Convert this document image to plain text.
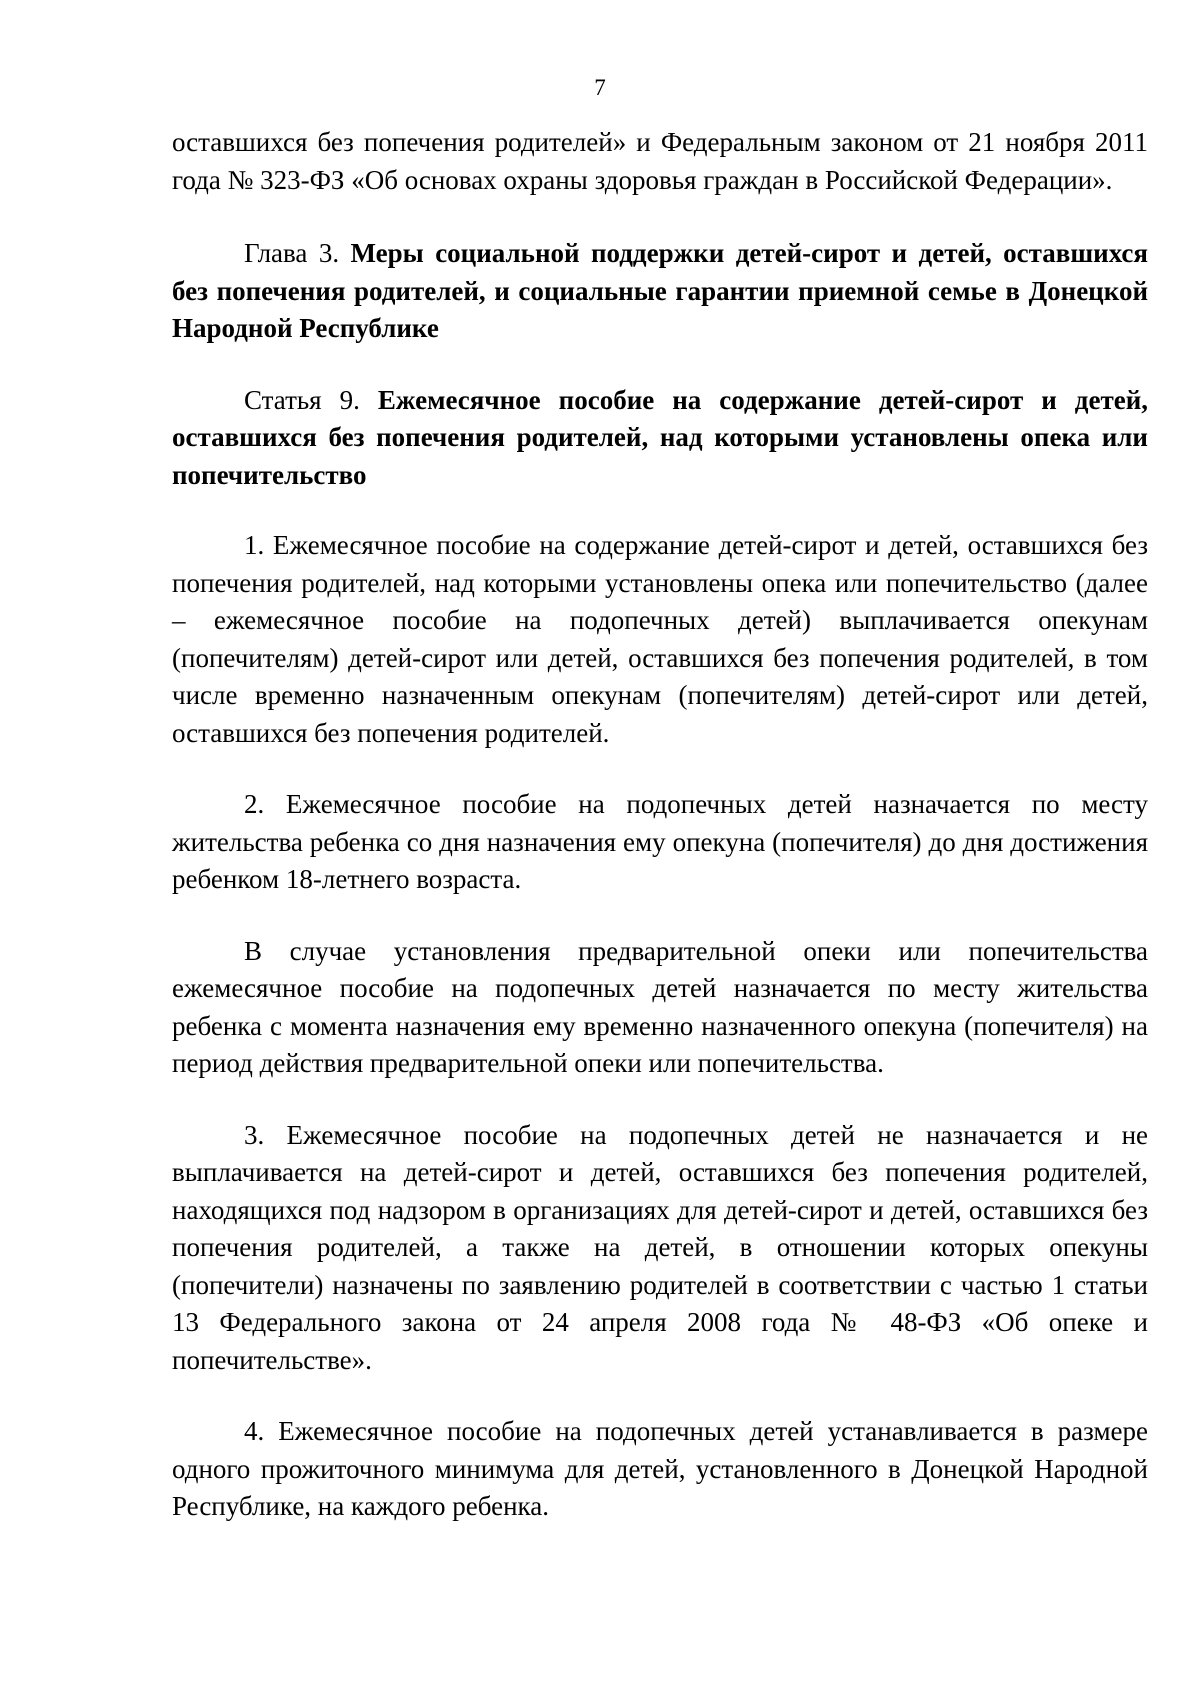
7

оставшихся без попечения родителей» и Федеральным законом от 21 ноября 2011 года № 323-ФЗ «Об основах охраны здоровья граждан в Российской Федерации».

Глава 3. Меры социальной поддержки детей-сирот и детей, оставшихся без попечения родителей, и социальные гарантии приемной семье в Донецкой Народной Республике

Статья 9. Ежемесячное пособие на содержание детей-сирот и детей, оставшихся без попечения родителей, над которыми установлены опека или попечительство

1. Ежемесячное пособие на содержание детей-сирот и детей, оставшихся без попечения родителей, над которыми установлены опека или попечительство (далее – ежемесячное пособие на подопечных детей) выплачивается опекунам (попечителям) детей-сирот или детей, оставшихся без попечения родителей, в том числе временно назначенным опекунам (попечителям) детей-сирот или детей, оставшихся без попечения родителей.

2. Ежемесячное пособие на подопечных детей назначается по месту жительства ребенка со дня назначения ему опекуна (попечителя) до дня достижения ребенком 18-летнего возраста.

В случае установления предварительной опеки или попечительства ежемесячное пособие на подопечных детей назначается по месту жительства ребенка с момента назначения ему временно назначенного опекуна (попечителя) на период действия предварительной опеки или попечительства.

3. Ежемесячное пособие на подопечных детей не назначается и не выплачивается на детей-сирот и детей, оставшихся без попечения родителей, находящихся под надзором в организациях для детей-сирот и детей, оставшихся без попечения родителей, а также на детей, в отношении которых опекуны (попечители) назначены по заявлению родителей в соответствии с частью 1 статьи 13 Федерального закона от 24 апреля 2008 года № 48-ФЗ «Об опеке и попечительстве».

4. Ежемесячное пособие на подопечных детей устанавливается в размере одного прожиточного минимума для детей, установленного в Донецкой Народной Республике, на каждого ребенка.
